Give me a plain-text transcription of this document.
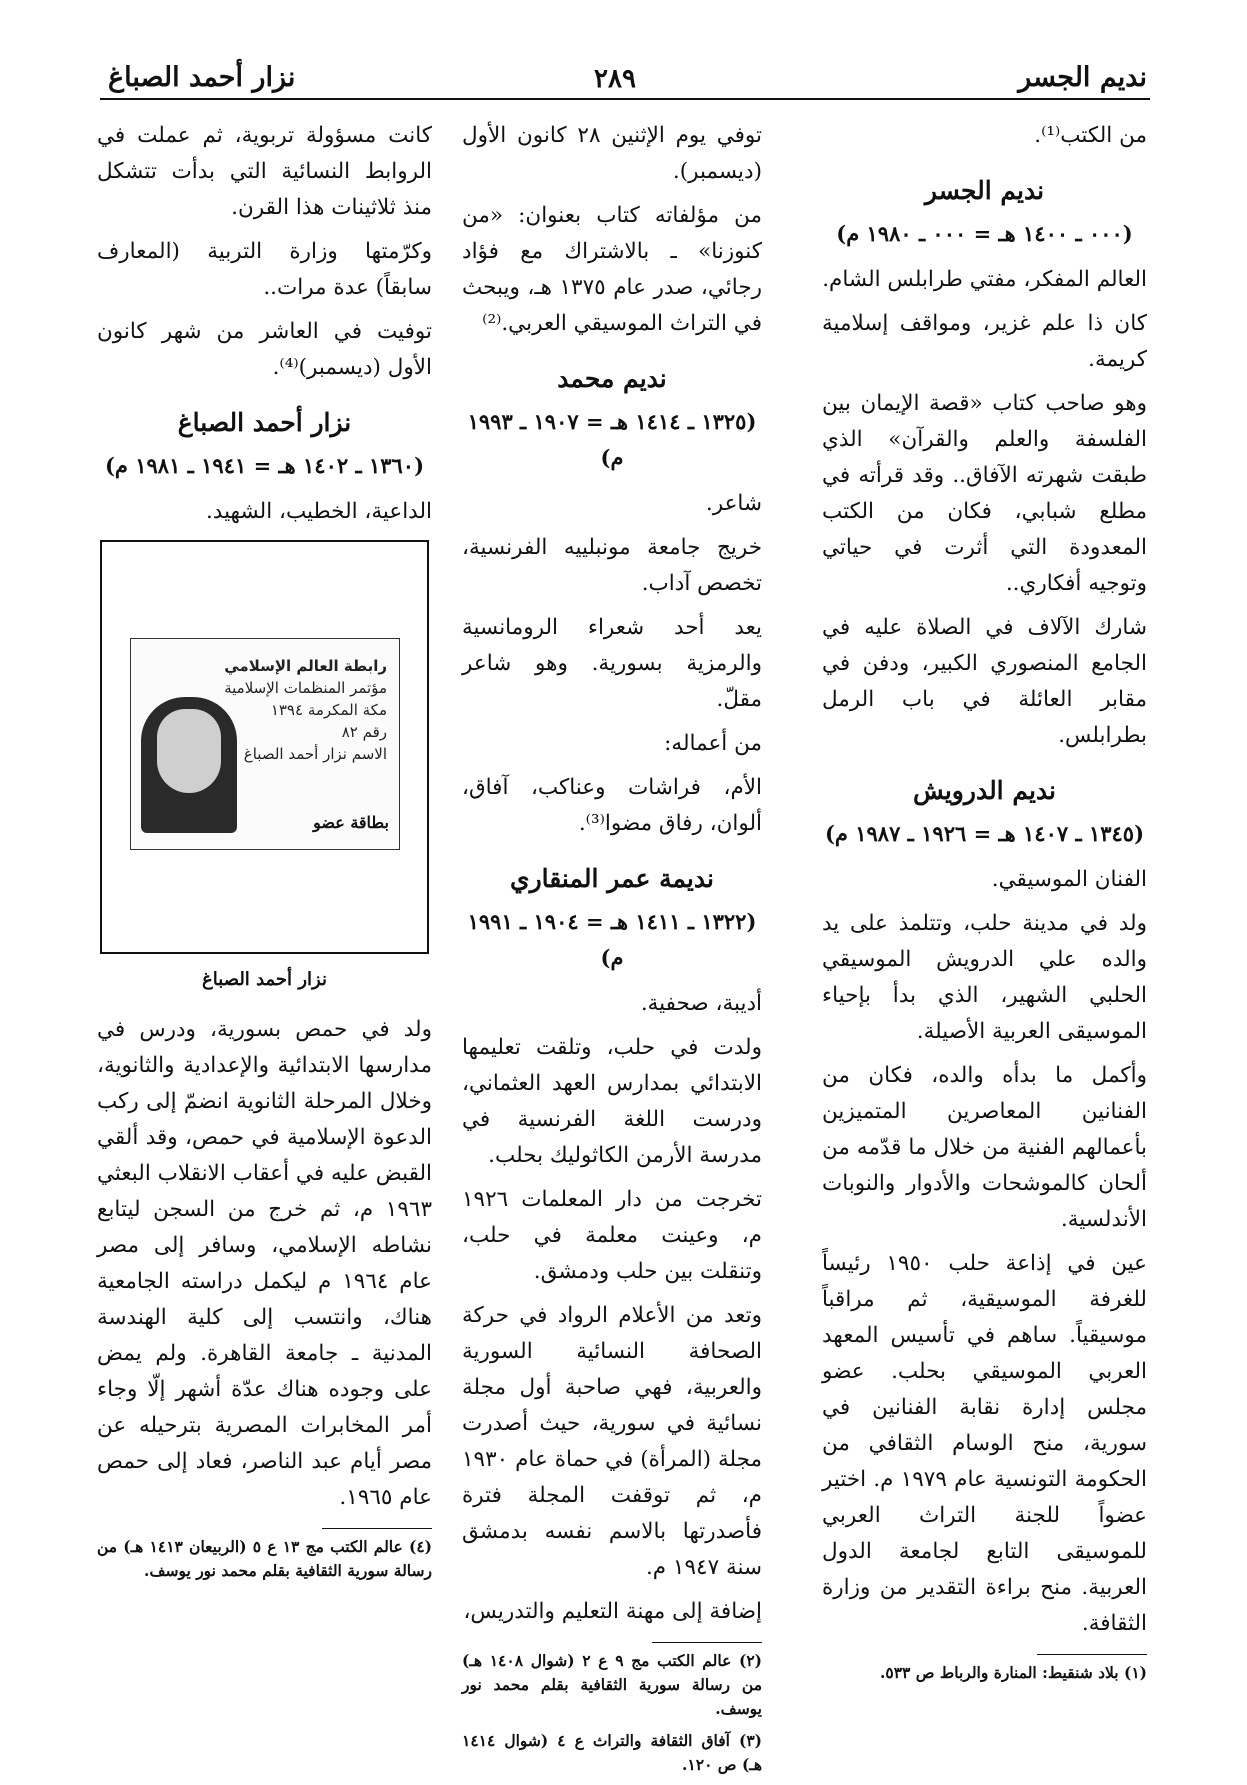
نديم الجسر
٢٨٩
نزار أحمد الصباغ

من الكتب⁽¹⁾.

نديم الجسر
(٠٠٠ ـ ١٤٠٠ هـ = ٠٠٠ ـ ١٩٨٠ م)

العالم المفكر، مفتي طرابلس الشام.

كان ذا علم غزير، ومواقف إسلامية كريمة.

وهو صاحب كتاب «قصة الإيمان بين الفلسفة والعلم والقرآن» الذي طبقت شهرته الآفاق.. وقد قرأته في مطلع شبابي، فكان من الكتب المعدودة التي أثرت في حياتي وتوجيه أفكاري..

شارك الآلاف في الصلاة عليه في الجامع المنصوري الكبير، ودفن في مقابر العائلة في باب الرمل بطرابلس.

نديم الدرويش
(١٣٤٥ ـ ١٤٠٧ هـ = ١٩٢٦ ـ ١٩٨٧ م)

الفنان الموسيقي.

ولد في مدينة حلب، وتتلمذ على يد والده علي الدرويش الموسيقي الحلبي الشهير، الذي بدأ بإحياء الموسيقى العربية الأصيلة.

وأكمل ما بدأه والده، فكان من الفنانين المعاصرين المتميزين بأعمالهم الفنية من خلال ما قدّمه من ألحان كالموشحات والأدوار والنوبات الأندلسية.

عين في إذاعة حلب ١٩٥٠ رئيساً للغرفة الموسيقية، ثم مراقباً موسيقياً. ساهم في تأسيس المعهد العربي الموسيقي بحلب. عضو مجلس إدارة نقابة الفنانين في سورية، منح الوسام الثقافي من الحكومة التونسية عام ١٩٧٩ م. اختير عضواً للجنة التراث العربي للموسيقى التابع لجامعة الدول العربية. منح براءة التقدير من وزارة الثقافة.

(١) بلاد شنقيط: المنارة والرباط ص ٥٣٣.

توفي يوم الإثنين ٢٨ كانون الأول (ديسمبر).

من مؤلفاته كتاب بعنوان: «من كنوزنا» ـ بالاشتراك مع فؤاد رجائي، صدر عام ١٣٧٥ هـ، ويبحث في التراث الموسيقي العربي.⁽²⁾

نديم محمد
(١٣٢٥ ـ ١٤١٤ هـ = ١٩٠٧ ـ ١٩٩٣ م)

شاعر.

خريج جامعة مونبلييه الفرنسية، تخصص آداب.

يعد أحد شعراء الرومانسية والرمزية بسورية. وهو شاعر مقلّ.

من أعماله:

الأم، فراشات وعناكب، آفاق، ألوان، رفاق مضوا⁽³⁾.

نديمة عمر المنقاري
(١٣٢٢ ـ ١٤١١ هـ = ١٩٠٤ ـ ١٩٩١ م)

أديبة، صحفية.

ولدت في حلب، وتلقت تعليمها الابتدائي بمدارس العهد العثماني، ودرست اللغة الفرنسية في مدرسة الأرمن الكاثوليك بحلب.

تخرجت من دار المعلمات ١٩٢٦ م، وعينت معلمة في حلب، وتنقلت بين حلب ودمشق.

وتعد من الأعلام الرواد في حركة الصحافة النسائية السورية والعربية، فهي صاحبة أول مجلة نسائية في سورية، حيث أصدرت مجلة (المرأة) في حماة عام ١٩٣٠ م، ثم توقفت المجلة فترة فأصدرتها بالاسم نفسه بدمشق سنة ١٩٤٧ م.

إضافة إلى مهنة التعليم والتدريس،

(٢) عالم الكتب مج ٩ ع ٢ (شوال ١٤٠٨ هـ) من رسالة سورية الثقافية بقلم محمد نور يوسف.

(٣) آفاق الثقافة والتراث ع ٤ (شوال ١٤١٤ هـ) ص ١٢٠.

كانت مسؤولة تربوية، ثم عملت في الروابط النسائية التي بدأت تتشكل منذ ثلاثينات هذا القرن.

وكرّمتها وزارة التربية (المعارف سابقاً) عدة مرات..

توفيت في العاشر من شهر كانون الأول (ديسمبر)⁽⁴⁾.

نزار أحمد الصباغ
(١٣٦٠ ـ ١٤٠٢ هـ = ١٩٤١ ـ ١٩٨١ م)

الداعية، الخطيب، الشهيد.

رابطة العالم الإسلامي
مؤتمر المنظمات الإسلامية
مكة المكرمة ١٣٩٤
رقم ٨٢
الاسم نزار أحمد الصباغ
بطاقة عضو
نزار أحمد الصباغ

ولد في حمص بسورية، ودرس في مدارسها الابتدائية والإعدادية والثانوية، وخلال المرحلة الثانوية انضمّ إلى ركب الدعوة الإسلامية في حمص، وقد ألقي القبض عليه في أعقاب الانقلاب البعثي ١٩٦٣ م، ثم خرج من السجن ليتابع نشاطه الإسلامي، وسافر إلى مصر عام ١٩٦٤ م ليكمل دراسته الجامعية هناك، وانتسب إلى كلية الهندسة المدنية ـ جامعة القاهرة. ولم يمض على وجوده هناك عدّة أشهر إلّا وجاء أمر المخابرات المصرية بترحيله عن مصر أيام عبد الناصر، فعاد إلى حمص عام ١٩٦٥.

(٤) عالم الكتب مج ١٣ ع ٥ (الربيعان ١٤١٣ هـ) من رسالة سورية الثقافية بقلم محمد نور يوسف.
